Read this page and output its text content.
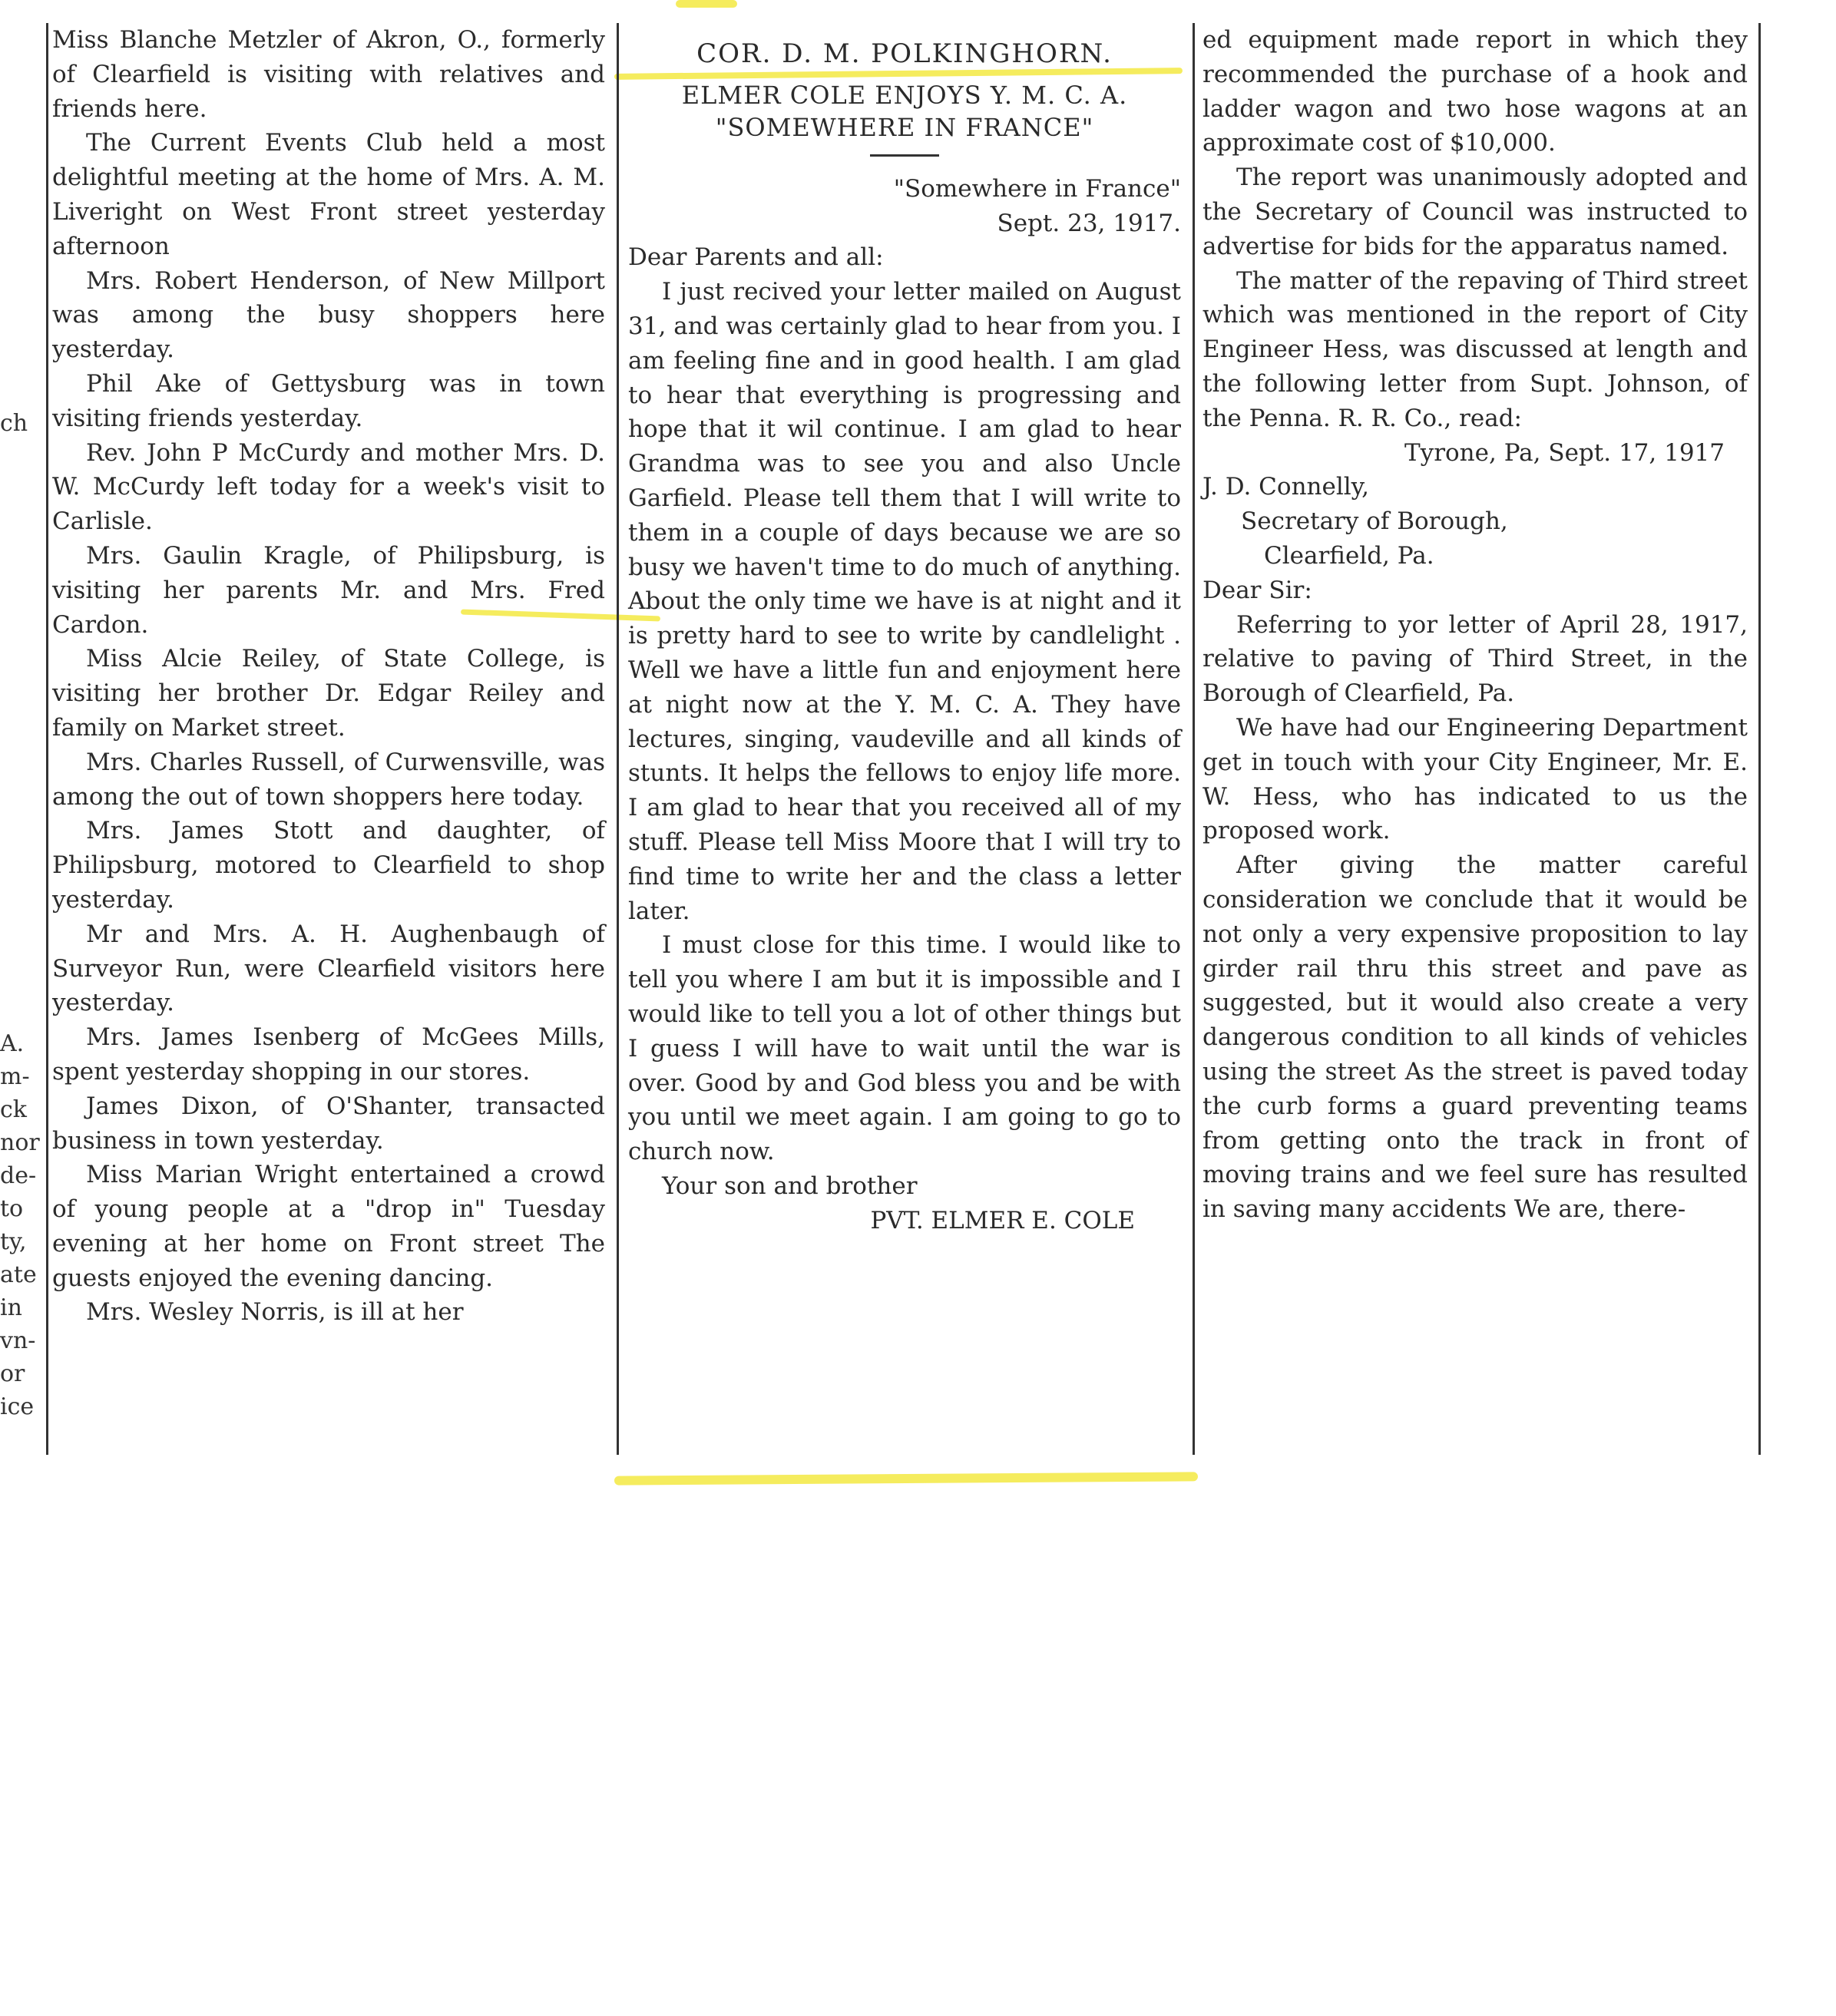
ch
A.
m-
ck
nor
de-
to
ty,
ate
in
vn-
or
ice

Miss Blanche Metzler of Akron, O., formerly of Clearfield is visiting with relatives and friends here.

The Current Events Club held a most delightful meeting at the home of Mrs. A. M. Liveright on West Front street yesterday afternoon

Mrs. Robert Henderson, of New Millport was among the busy shoppers here yesterday.

Phil Ake of Gettysburg was in town visiting friends yesterday.

Rev. John P McCurdy and mother Mrs. D. W. McCurdy left today for a week's visit to Carlisle.

Mrs. Gaulin Kragle, of Philipsburg, is visiting her parents Mr. and Mrs. Fred Cardon.

Miss Alcie Reiley, of State College, is visiting her brother Dr. Edgar Reiley and family on Market street.

Mrs. Charles Russell, of Curwensville, was among the out of town shoppers here today.

Mrs. James Stott and daughter, of Philipsburg, motored to Clearfield to shop yesterday.

Mr and Mrs. A. H. Aughenbaugh of Surveyor Run, were Clearfield visitors here yesterday.

Mrs. James Isenberg of McGees Mills, spent yesterday shopping in our stores.

James Dixon, of O'Shanter, transacted business in town yesterday.

Miss Marian Wright entertained a crowd of young people at a "drop in" Tuesday evening at her home on Front street The guests enjoyed the evening dancing.

Mrs. Wesley Norris, is ill at her

COR. D. M. POLKINGHORN.
ELMER COLE ENJOYS Y. M. C. A.
"SOMEWHERE IN FRANCE"

"Somewhere in France"

Sept. 23, 1917.

Dear Parents and all:

I just recived your letter mailed on August 31, and was certainly glad to hear from you. I am feeling fine and in good health. I am glad to hear that everything is progressing and hope that it wil continue. I am glad to hear Grandma was to see you and also Uncle Garfield. Please tell them that I will write to them in a couple of days because we are so busy we haven't time to do much of anything. About the only time we have is at night and it is pretty hard to see to write by candlelight . Well we have a little fun and enjoyment here at night now at the Y. M. C. A. They have lectures, singing, vaudeville and all kinds of stunts. It helps the fellows to enjoy life more. I am glad to hear that you received all of my stuff. Please tell Miss Moore that I will try to find time to write her and the class a letter later.

I must close for this time. I would like to tell you where I am but it is impossible and I would like to tell you a lot of other things but I guess I will have to wait until the war is over. Good by and God bless you and be with you until we meet again. I am going to go to church now.

Your son and brother

PVT. ELMER E. COLE

ed equipment made report in which they recommended the purchase of a hook and ladder wagon and two hose wagons at an approximate cost of $10,000.

The report was unanimously adopted and the Secretary of Council was instructed to advertise for bids for the apparatus named.

The matter of the repaving of Third street which was mentioned in the report of City Engineer Hess, was discussed at length and the following letter from Supt. Johnson, of the Penna. R. R. Co., read:

Tyrone, Pa, Sept. 17, 1917

J. D. Connelly,

Secretary of Borough,

Clearfield, Pa.

Dear Sir:

Referring to yor letter of April 28, 1917, relative to paving of Third Street, in the Borough of Clearfield, Pa.

We have had our Engineering Department get in touch with your City Engineer, Mr. E. W. Hess, who has indicated to us the proposed work.

After giving the matter careful consideration we conclude that it would be not only a very expensive proposition to lay girder rail thru this street and pave as suggested, but it would also create a very dangerous condition to all kinds of vehicles using the street As the street is paved today the curb forms a guard preventing teams from getting onto the track in front of moving trains and we feel sure has resulted in saving many accidents We are, there-
